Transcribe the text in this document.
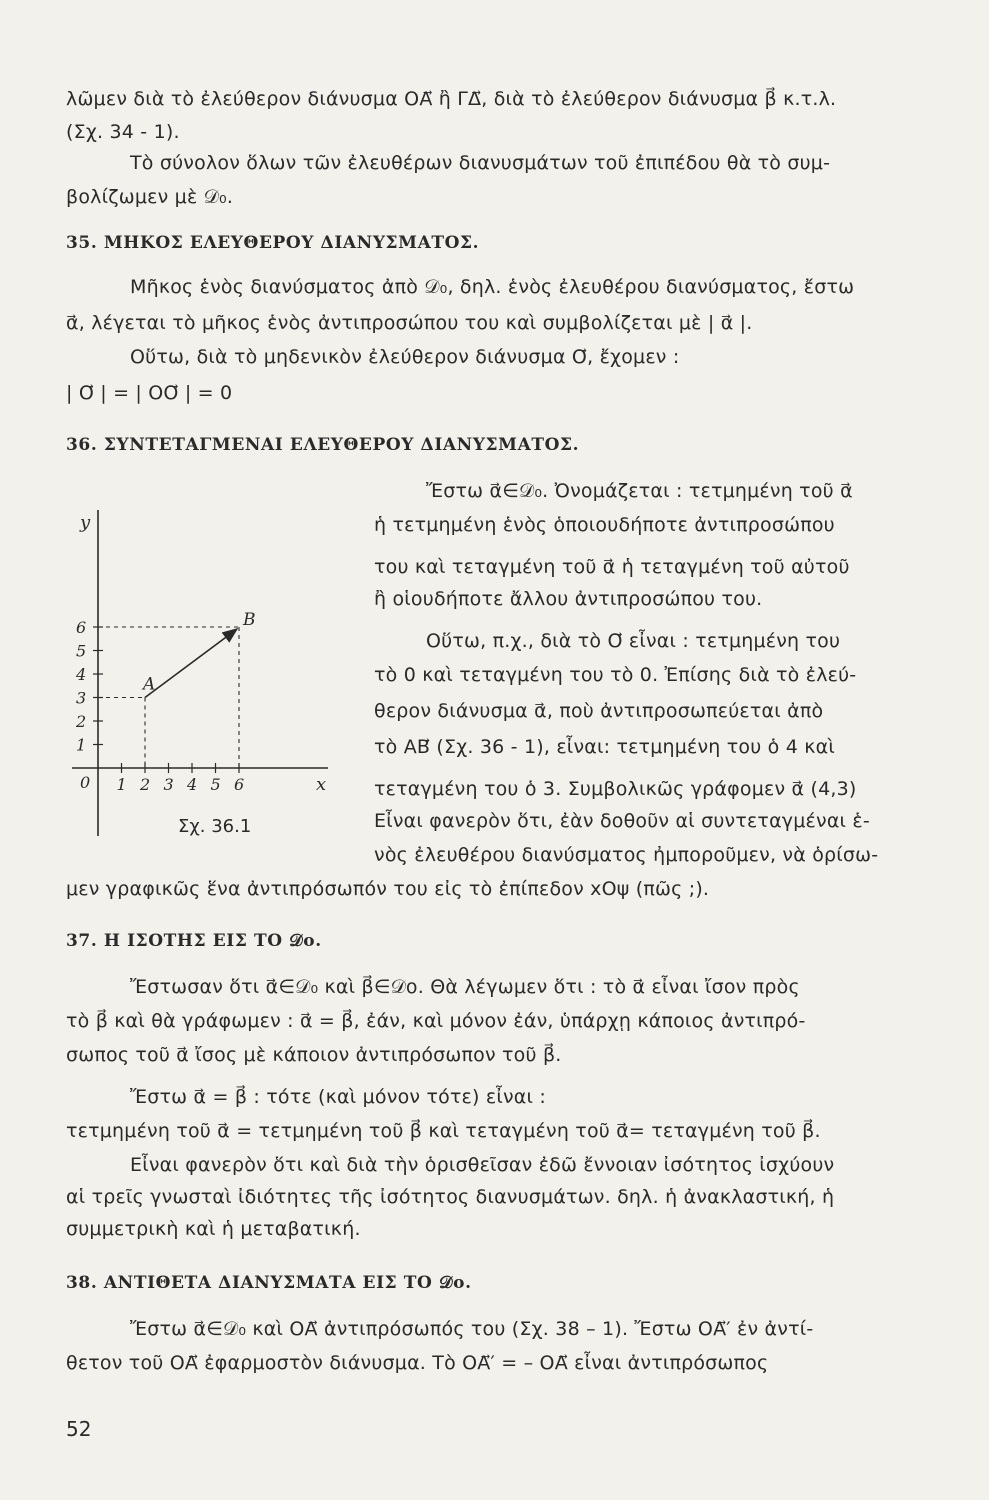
λῶμεν διὰ τὸ ἐλεύθερον διάνυσμα ΟΑ⃗ ἢ ΓΔ⃗, διὰ τὸ ἐλεύθερον διάνυσμα β⃗ κ.τ.λ.
(Σχ. 34 - 1).
Τὸ σύνολον ὅλων τῶν ἐλευθέρων διανυσμάτων τοῦ ἐπιπέδου θὰ τὸ συμ-
βολίζωμεν μὲ 𝒟₀.
35. ΜΗΚΟΣ ΕΛΕΥΘΕΡΟΥ ΔΙΑΝΥΣΜΑΤΟΣ.
Μῆκος ἑνὸς διανύσματος ἀπὸ 𝒟₀, δηλ. ἑνὸς ἐλευθέρου διανύσματος, ἔστω
α⃗, λέγεται τὸ μῆκος ἑνὸς ἀντιπροσώπου του καὶ συμβολίζεται μὲ | α⃗ |.
Οὕτω, διὰ τὸ μηδενικὸν ἐλεύθερον διάνυσμα Ο⃗, ἔχομεν :
| Ο⃗ | = | ΟΟ⃗ | = 0
36. ΣΥΝΤΕΤΑΓΜΕΝΑΙ ΕΛΕΥΘΕΡΟΥ ΔΙΑΝΥΣΜΑΤΟΣ.
Ἔστω α⃗∈𝒟₀. Ὀνομάζεται : τετμημένη τοῦ α⃗
ἡ τετμημένη ἑνὸς ὁποιουδήποτε ἀντιπροσώπου
του καὶ τεταγμένη τοῦ α⃗ ἡ τεταγμένη τοῦ αὐτοῦ
ἢ οἱουδήποτε ἄλλου ἀντιπροσώπου του.
Οὕτω, π.χ., διὰ τὸ Ο⃗ εἶναι : τετμημένη του
τὸ 0 καὶ τεταγμένη του τὸ 0. Ἐπίσης διὰ τὸ ἐλεύ-
θερον διάνυσμα α⃗, ποὺ ἀντιπροσωπεύεται ἀπὸ
τὸ ΑΒ⃗ (Σχ. 36 - 1), εἶναι: τετμημένη του ὁ 4 καὶ
τεταγμένη του ὁ 3. Συμβολικῶς γράφομεν α⃗ (4,3)
Εἶναι φανερὸν ὅτι, ἐὰν δοθοῦν αἱ συντεταγμέναι ἑ-
νὸς ἐλευθέρου διανύσματος ἠμποροῦμεν, νὰ ὁρίσω-
μεν γραφικῶς ἕνα ἀντιπρόσωπόν του εἰς τὸ ἐπίπεδον xOψ (πῶς ;).
x
y
0 1 2 3 4 5 6
1
2
3
4
5
6
A
B
Σχ. 36.1
37. Η ΙΣΟΤΗΣ ΕΙΣ ΤΟ 𝒟ο.
Ἔστωσαν ὅτι α⃗∈𝒟₀ καὶ β⃗∈𝒟ο. Θὰ λέγωμεν ὅτι : τὸ α⃗ εἶναι ἴσον πρὸς
τὸ β⃗ καὶ θὰ γράφωμεν : α⃗ = β⃗, ἐάν, καὶ μόνον ἐάν, ὑπάρχῃ κάποιος ἀντιπρό-
σωπος τοῦ α⃗ ἴσος μὲ κάποιον ἀντιπρόσωπον τοῦ β⃗.
Ἔστω α⃗ = β⃗ : τότε (καὶ μόνον τότε) εἶναι :
τετμημένη τοῦ α⃗ = τετμημένη τοῦ β⃗ καὶ τεταγμένη τοῦ α⃗= τεταγμένη τοῦ β⃗.
Εἶναι φανερὸν ὅτι καὶ διὰ τὴν ὁρισθεῖσαν ἐδῶ ἔννοιαν ἰσότητος ἰσχύουν
αἱ τρεῖς γνωσταὶ ἰδιότητες τῆς ἰσότητος διανυσμάτων. δηλ. ἡ ἀνακλαστική, ἡ
συμμετρικὴ καὶ ἡ μεταβατική.
38. ΑΝΤΙΘΕΤΑ ΔΙΑΝΥΣΜΑΤΑ ΕΙΣ ΤΟ 𝒟ο.
Ἔστω α⃗∈𝒟₀ καὶ ΟΑ⃗ ἀντιπρόσωπός του (Σχ. 38 – 1). Ἔστω ΟΑ⃗′ ἐν ἀντί-
θετον τοῦ ΟΑ⃗ ἐφαρμοστὸν διάνυσμα. Τὸ ΟΑ⃗′ = – ΟΑ⃗ εἶναι ἀντιπρόσωπος
52
